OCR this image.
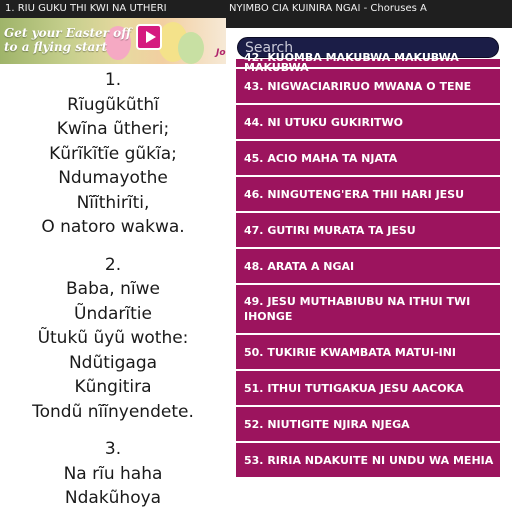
1. RIU GUKU THI KWI NA UTHERI
Get your Easter off
to a flying start
1.
Rĩugũkũthĩ
Kwĩna ũtheri;
Kũrĩkĩtĩe gũkĩa;
Ndumayothe
Nĩĩthirĩti,
O natoro wakwa.
2.
Baba, nĩwe
Ũndarĩtie
Ũtukũ ũyũ wothe:
Ndũtigaga
Kũngitira
Tondũ nĩĩnyendete.
3.
Na rĩu haha
Ndakũhoya
NYIMBO CIA KUINIRA NGAI - Choruses A
Jo
Search 42. KUOMBA MAKUBWA MAKUBWA MAKUBWA
43. NIGWACIARIRUO MWANA O TENE
44. NI UTUKU GUKIRITWO
45. ACIO MAHA TA NJATA
46. NINGUTENG'ERA THII HARI JESU
47. GUTIRI MURATA TA JESU
48. ARATA A NGAI
49. JESU MUTHABIUBU NA ITHUI TWI IHONGE
50. TUKIRIE KWAMBATA MATUI-INI
51. ITHUI TUTIGAKUA JESU AACOKA
52. NIUTIGITE NJIRA NJEGA
53. RIRIA NDAKUITE NI UNDU WA MEHIA
